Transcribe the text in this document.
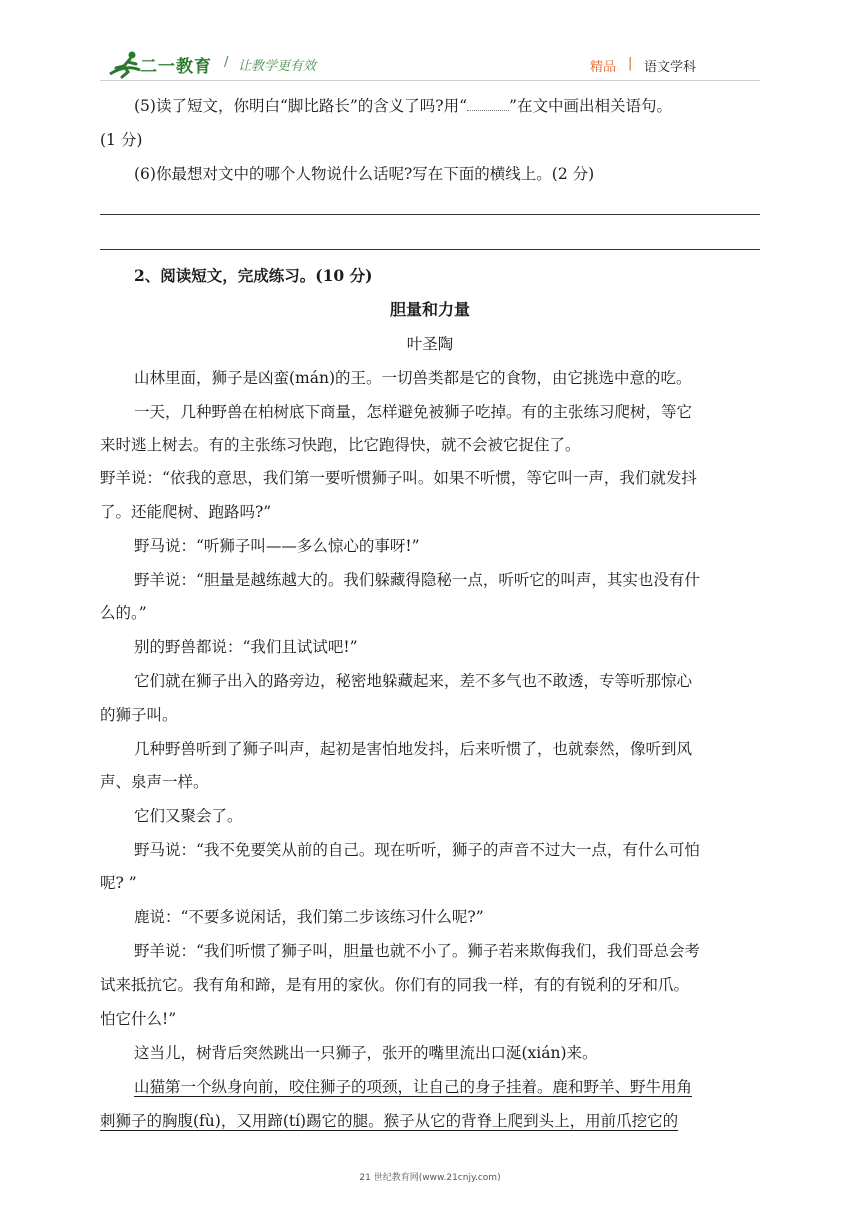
二一教育 / 让教学更有效	精品 | 语文学科
(5)读了短文，你明白“脚比路长”的含义了吗?用“	”在文中画出相关语句。
(1 分)
(6)你最想对文中的哪个人物说什么话呢?写在下面的横线上。(2 分)
2、阅读短文，完成练习。(10 分)
胆量和力量
叶圣陶
山林里面，狮子是凶蛮(mán)的王。一切兽类都是它的食物，由它挑选中意的吃。
一天，几种野兽在柏树底下商量，怎样避免被狮子吃掉。有的主张练习爬树，等它
来时逃上树去。有的主张练习快跑，比它跑得快，就不会被它捉住了。
野羊说：“依我的意思，我们第一要听惯狮子叫。如果不听惯，等它叫一声，我们就发抖
了。还能爬树、跑路吗?”
野马说：“听狮子叫——多么惊心的事呀!”
野羊说：“胆量是越练越大的。我们躲藏得隐秘一点，听听它的叫声，其实也没有什
么的。”
别的野兽都说：“我们且试试吧!”
它们就在狮子出入的路旁边，秘密地躲藏起来，差不多气也不敢透，专等听那惊心
的狮子叫。
几种野兽听到了狮子叫声，起初是害怕地发抖，后来听惯了，也就泰然，像听到风
声、泉声一样。
它们又聚会了。
野马说：“我不免要笑从前的自己。现在听听，狮子的声音不过大一点，有什么可怕
呢? ”
鹿说：“不要多说闲话，我们第二步该练习什么呢?”
野羊说：“我们听惯了狮子叫，胆量也就不小了。狮子若来欺侮我们，我们哥总会考
试来抵抗它。我有角和蹄，是有用的家伙。你们有的同我一样，有的有锐利的牙和爪。
怕它什么!”
这当儿，树背后突然跳出一只狮子，张开的嘴里流出口涎(xián)来。
山猫第一个纵身向前，咬住狮子的项颈，让自己的身子挂着。鹿和野羊、野牛用角
刺狮子的胸腹(fù)，又用蹄(tí)踢它的腿。猴子从它的背脊上爬到头上，用前爪挖它的
21 世纪教育网(www.21cnjy.com)
